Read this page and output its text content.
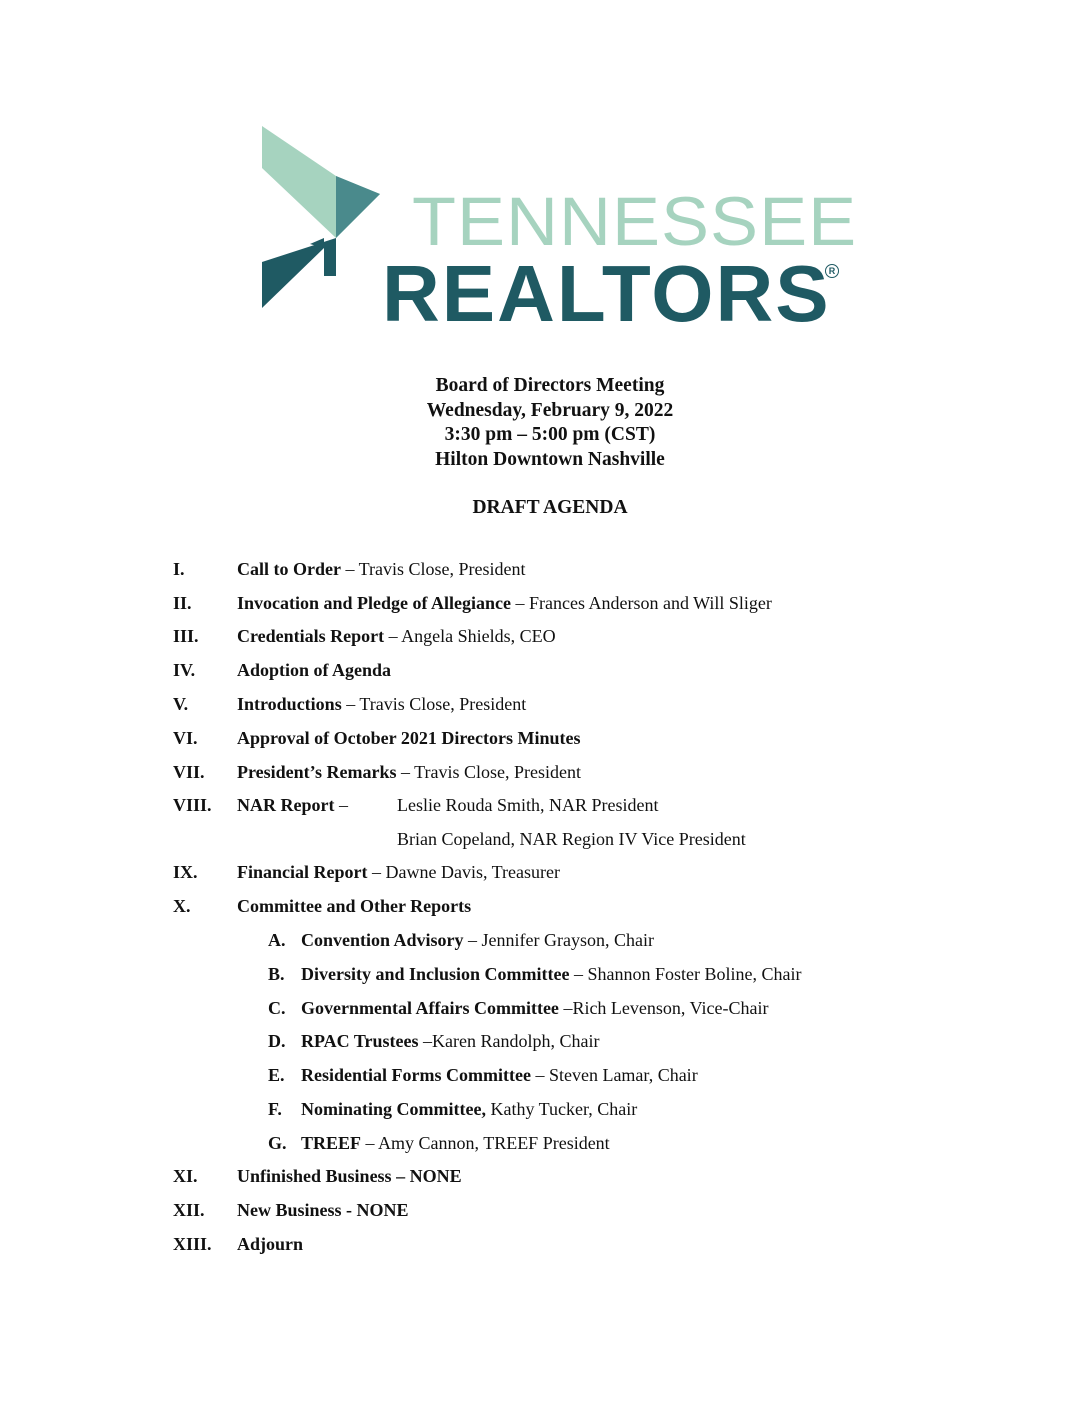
TENNESSEE
REALTORS
R
Board of Directors Meeting
Wednesday, February 9, 2022
3:30 pm – 5:00 pm (CST)
Hilton Downtown Nashville
DRAFT AGENDA
I.	Call to Order – Travis Close, President
II.	Invocation and Pledge of Allegiance – Frances Anderson and Will Sliger
III. Credentials Report – Angela Shields, CEO
IV. Adoption of Agenda
V.	Introductions – Travis Close, President
VI. Approval of October 2021 Directors Minutes
VII. President’s Remarks – Travis Close, President
VIII. NAR Report –	Leslie Rouda Smith, NAR President
Brian Copeland, NAR Region IV Vice President
IX. Financial Report – Dawne Davis, Treasurer
X.	Committee and Other Reports
A. Convention Advisory – Jennifer Grayson, Chair
B. Diversity and Inclusion Committee – Shannon Foster Boline, Chair
C. Governmental Affairs Committee –Rich Levenson, Vice-Chair
D. RPAC Trustees –Karen Randolph, Chair
E. Residential Forms Committee – Steven Lamar, Chair
F. Nominating Committee, Kathy Tucker, Chair
G. TREEF – Amy Cannon, TREEF President
XI. Unfinished Business – NONE
XII. New Business - NONE
XIII. Adjourn
